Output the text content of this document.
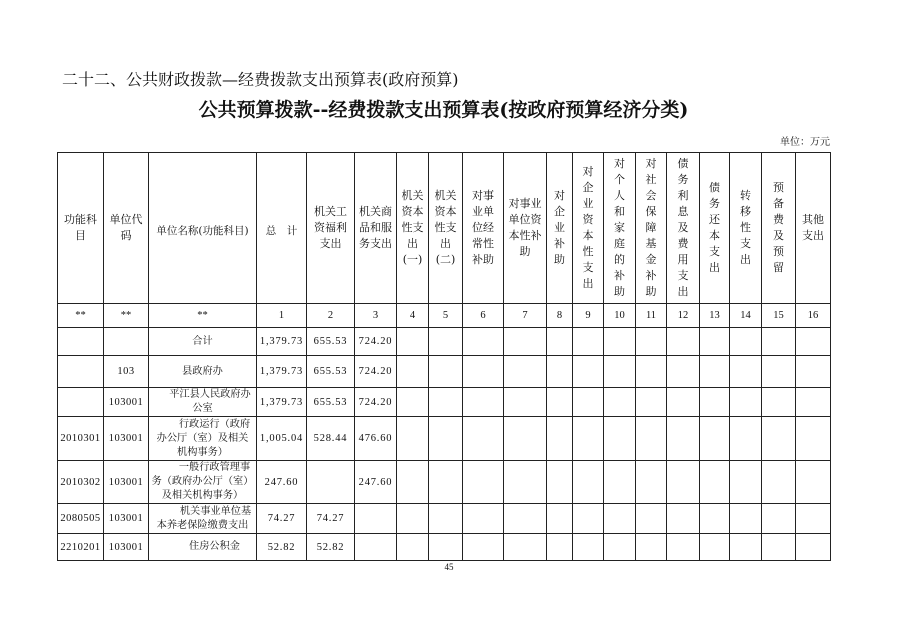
二十二、公共财政拨款—经费拨款支出预算表(政府预算)
公共预算拨款--经费拨款支出预算表(按政府预算经济分类)
单位：万元
功能科目	单位代码	单位名称(功能科目)	总　计	机关工资福利支出	机关商品和服务支出	机关资本性支出(一)	机关资本性支出(二)	对事业单位经常性补助	对事业单位资本性补助	对企业补助	对企业资本性支出	对个人和家庭的补助	对社会保障基金补助	债务利息及费用支出	债务还本支出	转移性支出	预备费及预留	其他支出
**	**	**	1	2	3	4	5	6	7	8	9	10	11	12	13	14	15	16

		合计	1,379.73	655.53	724.20													
	103	县政府办	1,379.73	655.53	724.20													
	103001	平江县人民政府办
公室	1,379.73	655.53	724.20													
2010301	103001	行政运行（政府
办公厅（室）及相关
机构事务）	1,005.04	528.44	476.60													
2010302	103001	一般行政管理事
务（政府办公厅（室）
及相关机构事务）	247.60		247.60													
2080505	103001	机关事业单位基
本养老保险缴费支出	74.27	74.27														
2210201	103001	住房公积金	52.82	52.82														
45
